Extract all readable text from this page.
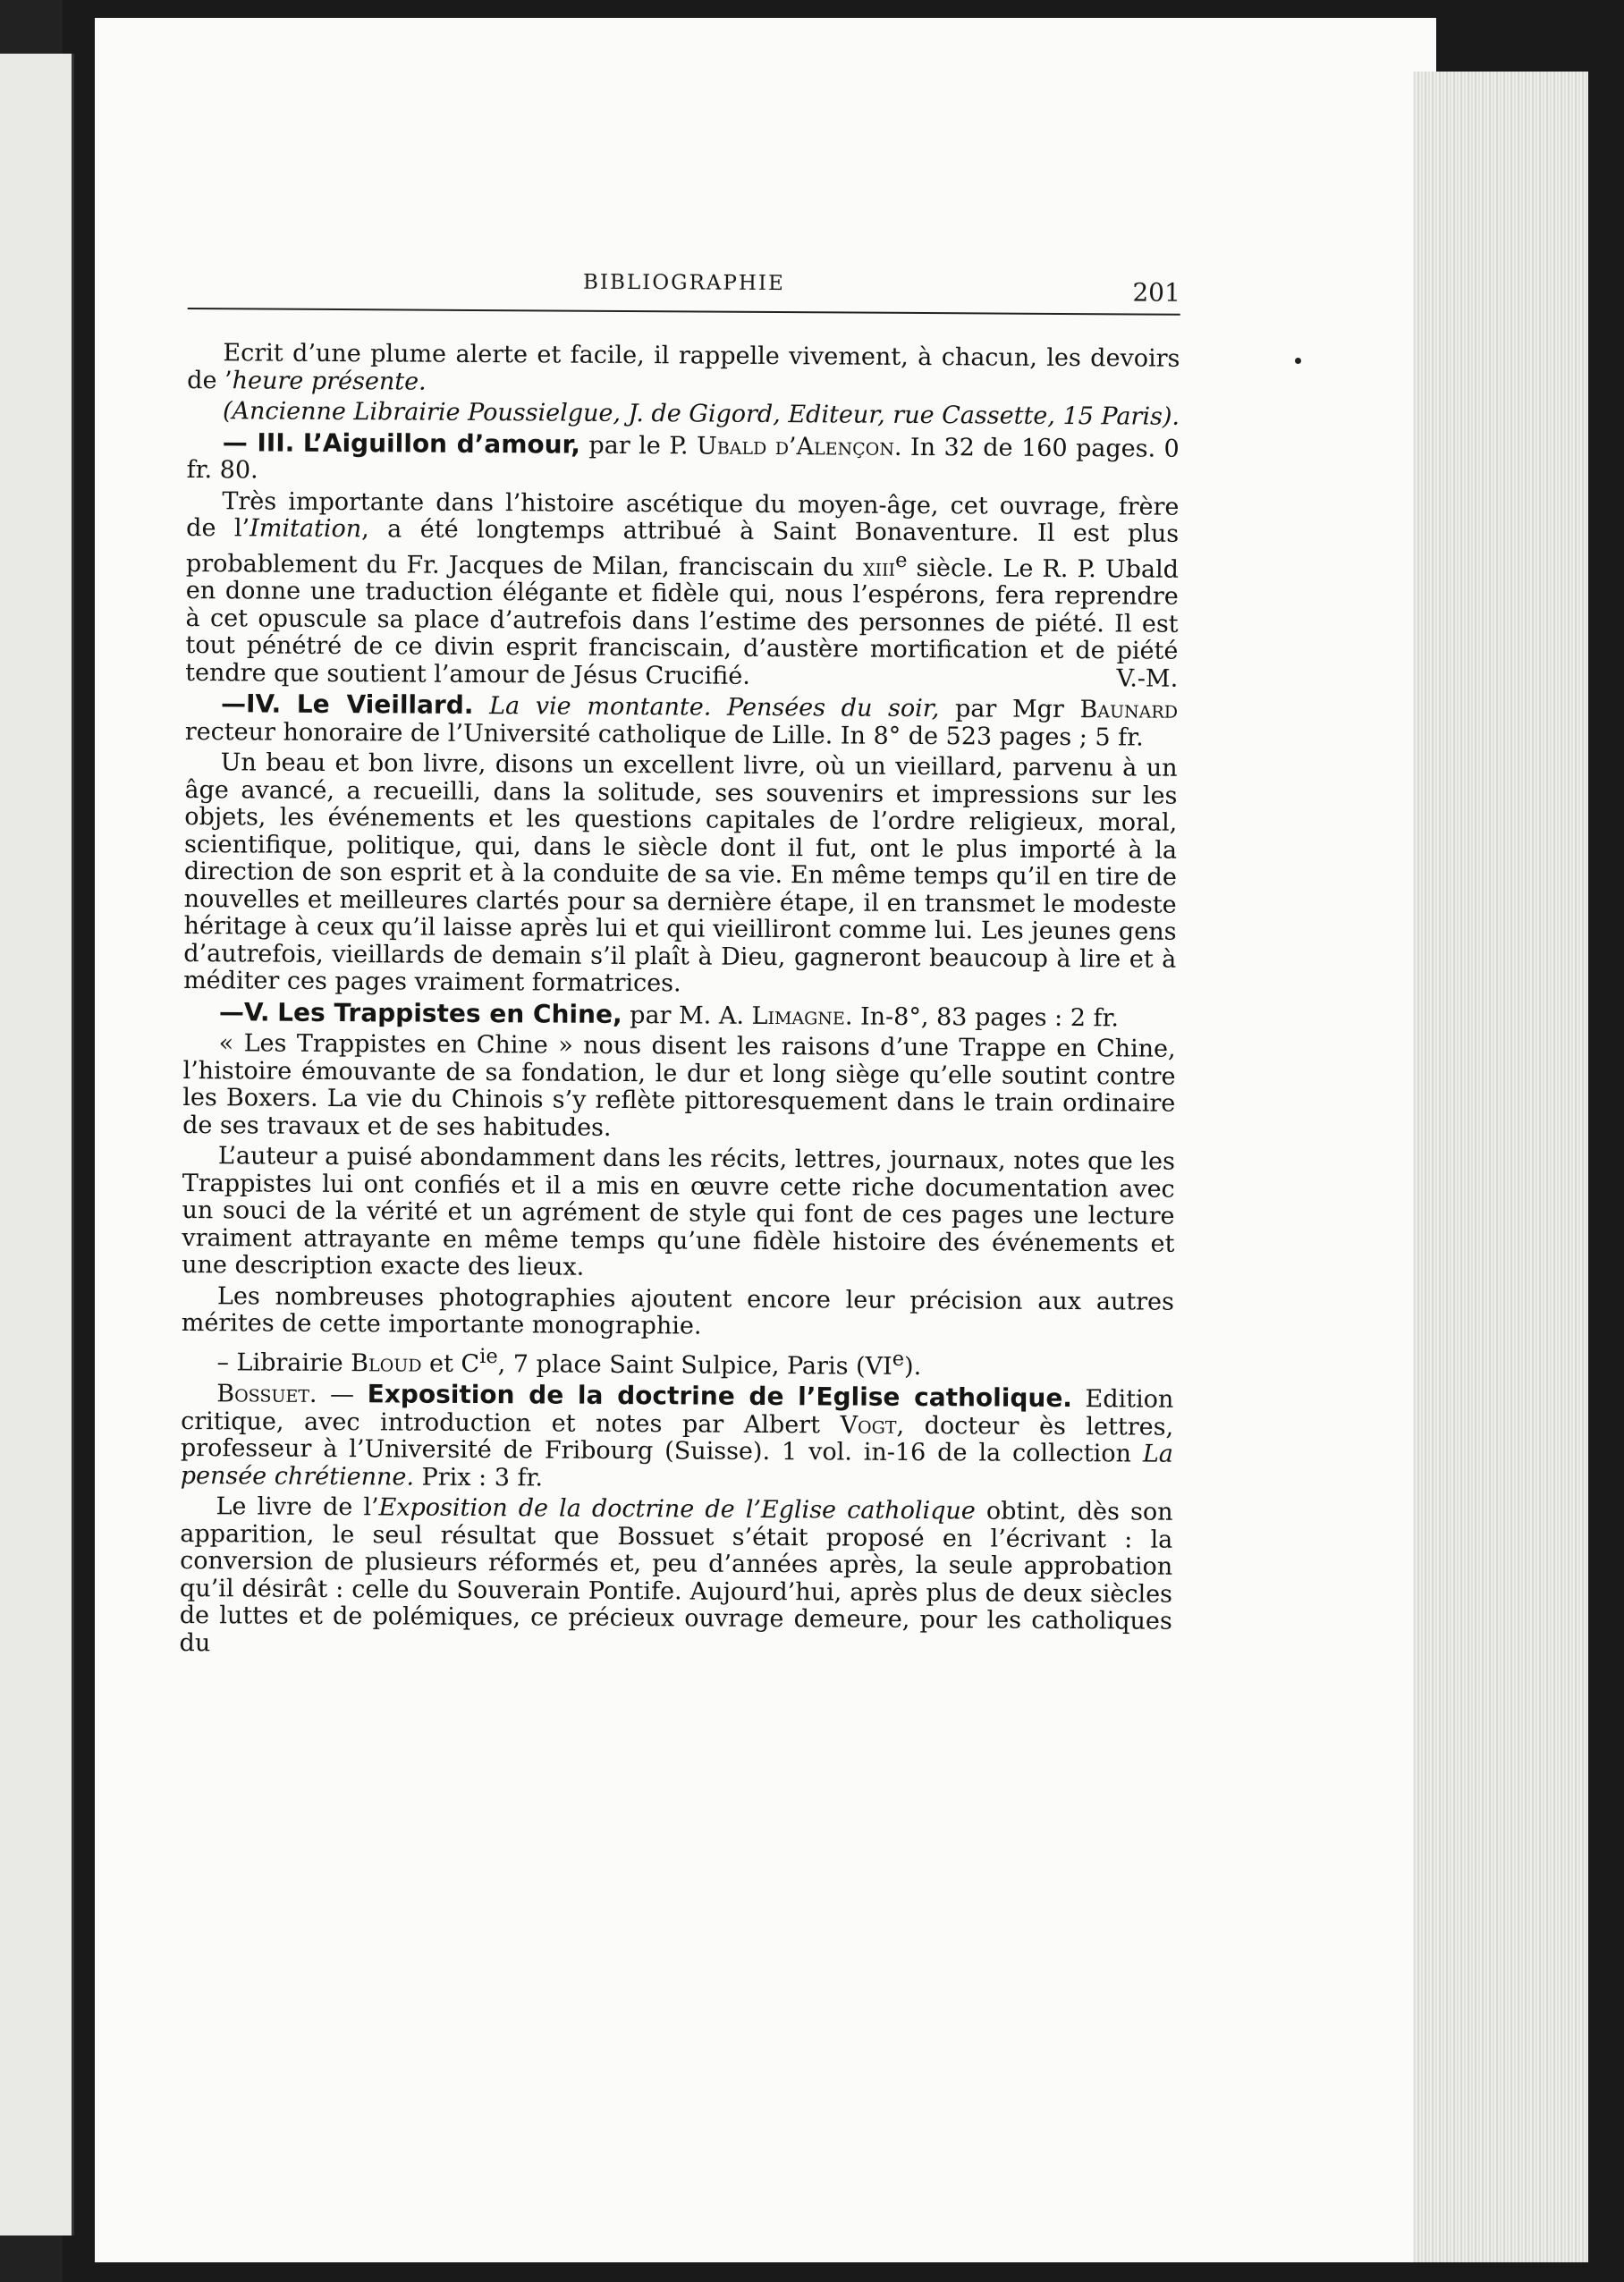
BIBLIOGRAPHIE	201

Ecrit d’une plume alerte et facile, il rappelle vivement, à chacun, les devoirs de ’heure présente.

(Ancienne Librairie Poussielgue, J. de Gigord, Editeur, rue Cassette, 15 Paris).

— III. L’Aiguillon d’amour, par le P. Ubald d’Alençon. In 32 de 160 pages. 0 fr. 80.

Très importante dans l’histoire ascétique du moyen-âge, cet ouvrage, frère de l’Imitation, a été longtemps attribué à Saint Bonaventure. Il est plus probablement du Fr. Jacques de Milan, franciscain du xiii$^e$ siècle. Le R. P. Ubald en donne une traduction élégante et fidèle qui, nous l’espérons, fera reprendre à cet opuscule sa place d’autrefois dans l’estime des personnes de piété. Il est tout pénétré de ce divin esprit franciscain, d’austère mortification et de piété tendre que soutient l’amour de Jésus Crucifié.	V.-M.

—IV. Le Vieillard. La vie montante. Pensées du soir, par Mgr Baunard recteur honoraire de l’Université catholique de Lille. In 8° de 523 pages ; 5 fr.

Un beau et bon livre, disons un excellent livre, où un vieillard, parvenu à un âge avancé, a recueilli, dans la solitude, ses souvenirs et impressions sur les objets, les événements et les questions capitales de l’ordre religieux, moral, scientifique, politique, qui, dans le siècle dont il fut, ont le plus importé à la direction de son esprit et à la conduite de sa vie. En même temps qu’il en tire de nouvelles et meilleures clartés pour sa dernière étape, il en transmet le modeste héritage à ceux qu’il laisse après lui et qui vieilliront comme lui. Les jeunes gens d’autrefois, vieillards de demain s’il plaît à Dieu, gagneront beaucoup à lire et à méditer ces pages vraiment formatrices.

—V. Les Trappistes en Chine, par M. A. Limagne. In-8°, 83 pages : 2 fr.

« Les Trappistes en Chine » nous disent les raisons d’une Trappe en Chine, l’histoire émouvante de sa fondation, le dur et long siège qu’elle soutint contre les Boxers. La vie du Chinois s’y reflète pittoresquement dans le train ordinaire de ses travaux et de ses habitudes.

L’auteur a puisé abondamment dans les récits, lettres, journaux, notes que les Trappistes lui ont confiés et il a mis en œuvre cette riche documentation avec un souci de la vérité et un agrément de style qui font de ces pages une lecture vraiment attrayante en même temps qu’une fidèle histoire des événements et une description exacte des lieux.

Les nombreuses photographies ajoutent encore leur précision aux autres mérites de cette importante monographie.

– Librairie Bloud et $C^{ie}$, 7 place Saint Sulpice, Paris (VIe).

Bossuet. — Exposition de la doctrine de l’Eglise catholique. Edition critique, avec introduction et notes par Albert Vogt, docteur ès lettres, professeur à l’Université de Fribourg (Suisse). 1 vol. in-16 de la collection La pensée chrétienne. Prix : 3 fr.

Le livre de l’Exposition de la doctrine de l’Eglise catholique obtint, dès son apparition, le seul résultat que Bossuet s’était proposé en l’écrivant : la conversion de plusieurs réformés et, peu d’années après, la seule approbation qu’il désirât : celle du Souverain Pontife. Aujourd’hui, après plus de deux siècles de luttes et de polémiques, ce précieux ouvrage demeure, pour les catholiques du
